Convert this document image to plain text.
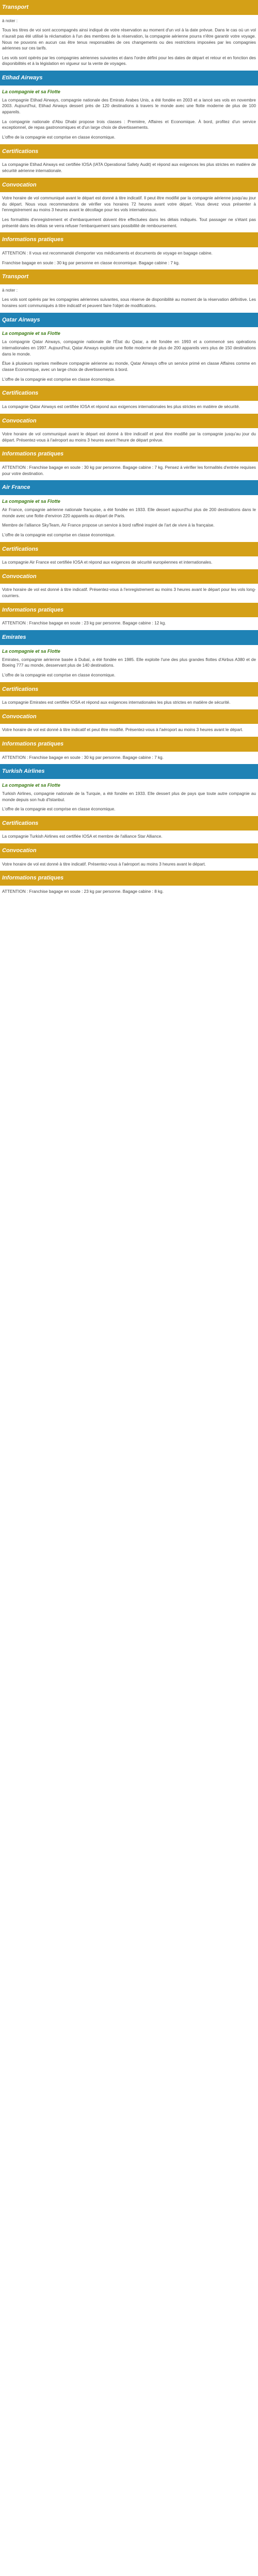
Transport

à noter :

Tous les titres de voi sont accompagnés ainsi indiqué de votre réservation au moment d'un vol à la date prévue. Dans le cas où un vol n'aurait pas été utilisé la réclamation à l'un des membres de la réservation, la compagnie aérienne pourra n'être garantir votre voyage. Nous ne pouvons en aucun cas être tenus responsables de ces changements ou des restrictions imposées par les compagnies aériennes sur ces tarifs.

Les vols sont opérés par les compagnies aériennes suivantes et dans l'ordre défini pour les dates de départ et retour et en fonction des disponibilités et à la législation en vigueur sur la vente de voyages.

Etihad Airways
La compagnie et sa Flotte

La compagnie Etihad Airways, compagnie nationale des Emirats Arabes Unis, a été fondée en 2003 et a lancé ses vols en novembre 2003. Aujourd'hui, Etihad Airways dessert près de 120 destinations à travers le monde avec une flotte moderne de plus de 100 appareils.

La compagnie nationale d'Abu Dhabi propose trois classes : Première, Affaires et Economique. À bord, profitez d'un service exceptionnel, de repas gastronomiques et d'un large choix de divertissements.

L'offre de la compagnie est comprise en classe économique.

Certifications

La compagnie Etihad Airways est certifiée IOSA (IATA Operational Safety Audit) et répond aux exigences les plus strictes en matière de sécurité aérienne internationale.

Convocation

Votre horaire de vol communiqué avant le départ est donné à titre indicatif. Il peut être modifié par la compagnie aérienne jusqu'au jour du départ. Nous vous recommandons de vérifier vos horaires 72 heures avant votre départ. Vous devez vous présenter à l'enregistrement au moins 3 heures avant le décollage pour les vols internationaux.

Les formalités d'enregistrement et d'embarquement doivent être effectuées dans les délais indiqués. Tout passager ne s'étant pas présenté dans les délais se verra refuser l'embarquement sans possibilité de remboursement.

Informations pratiques

ATTENTION : Il vous est recommandé d'emporter vos médicaments et documents de voyage en bagage cabine.

Franchise bagage en soute : 30 kg par personne en classe économique. Bagage cabine : 7 kg.

Transport

à noter :

Les vols sont opérés par les compagnies aériennes suivantes, sous réserve de disponibilité au moment de la réservation définitive. Les horaires sont communiqués à titre indicatif et peuvent faire l'objet de modifications.

Qatar Airways
La compagnie et sa Flotte

La compagnie Qatar Airways, compagnie nationale de l'État du Qatar, a été fondée en 1993 et a commencé ses opérations internationales en 1997. Aujourd'hui, Qatar Airways exploite une flotte moderne de plus de 200 appareils vers plus de 150 destinations dans le monde.

Élue à plusieurs reprises meilleure compagnie aérienne au monde, Qatar Airways offre un service primé en classe Affaires comme en classe Economique, avec un large choix de divertissements à bord.

L'offre de la compagnie est comprise en classe économique.

Certifications

La compagnie Qatar Airways est certifiée IOSA et répond aux exigences internationales les plus strictes en matière de sécurité.

Convocation

Votre horaire de vol communiqué avant le départ est donné à titre indicatif et peut être modifié par la compagnie jusqu'au jour du départ. Présentez-vous à l'aéroport au moins 3 heures avant l'heure de départ prévue.

Informations pratiques

ATTENTION : Franchise bagage en soute : 30 kg par personne. Bagage cabine : 7 kg. Pensez à vérifier les formalités d'entrée requises pour votre destination.

Air France
La compagnie et sa Flotte

Air France, compagnie aérienne nationale française, a été fondée en 1933. Elle dessert aujourd'hui plus de 200 destinations dans le monde avec une flotte d'environ 220 appareils au départ de Paris.

Membre de l'alliance SkyTeam, Air France propose un service à bord raffiné inspiré de l'art de vivre à la française.

L'offre de la compagnie est comprise en classe économique.

Certifications

La compagnie Air France est certifiée IOSA et répond aux exigences de sécurité européennes et internationales.

Convocation

Votre horaire de vol est donné à titre indicatif. Présentez-vous à l'enregistrement au moins 3 heures avant le départ pour les vols long-courriers.

Informations pratiques

ATTENTION : Franchise bagage en soute : 23 kg par personne. Bagage cabine : 12 kg.

Emirates
La compagnie et sa Flotte

Emirates, compagnie aérienne basée à Dubaï, a été fondée en 1985. Elle exploite l'une des plus grandes flottes d'Airbus A380 et de Boeing 777 au monde, desservant plus de 140 destinations.

L'offre de la compagnie est comprise en classe économique.

Certifications

La compagnie Emirates est certifiée IOSA et répond aux exigences internationales les plus strictes en matière de sécurité.

Convocation

Votre horaire de vol est donné à titre indicatif et peut être modifié. Présentez-vous à l'aéroport au moins 3 heures avant le départ.

Informations pratiques

ATTENTION : Franchise bagage en soute : 30 kg par personne. Bagage cabine : 7 kg.

Turkish Airlines
La compagnie et sa Flotte

Turkish Airlines, compagnie nationale de la Turquie, a été fondée en 1933. Elle dessert plus de pays que toute autre compagnie au monde depuis son hub d'Istanbul.

L'offre de la compagnie est comprise en classe économique.

Certifications

La compagnie Turkish Airlines est certifiée IOSA et membre de l'alliance Star Alliance.

Convocation

Votre horaire de vol est donné à titre indicatif. Présentez-vous à l'aéroport au moins 3 heures avant le départ.

Informations pratiques

ATTENTION : Franchise bagage en soute : 23 kg par personne. Bagage cabine : 8 kg.
